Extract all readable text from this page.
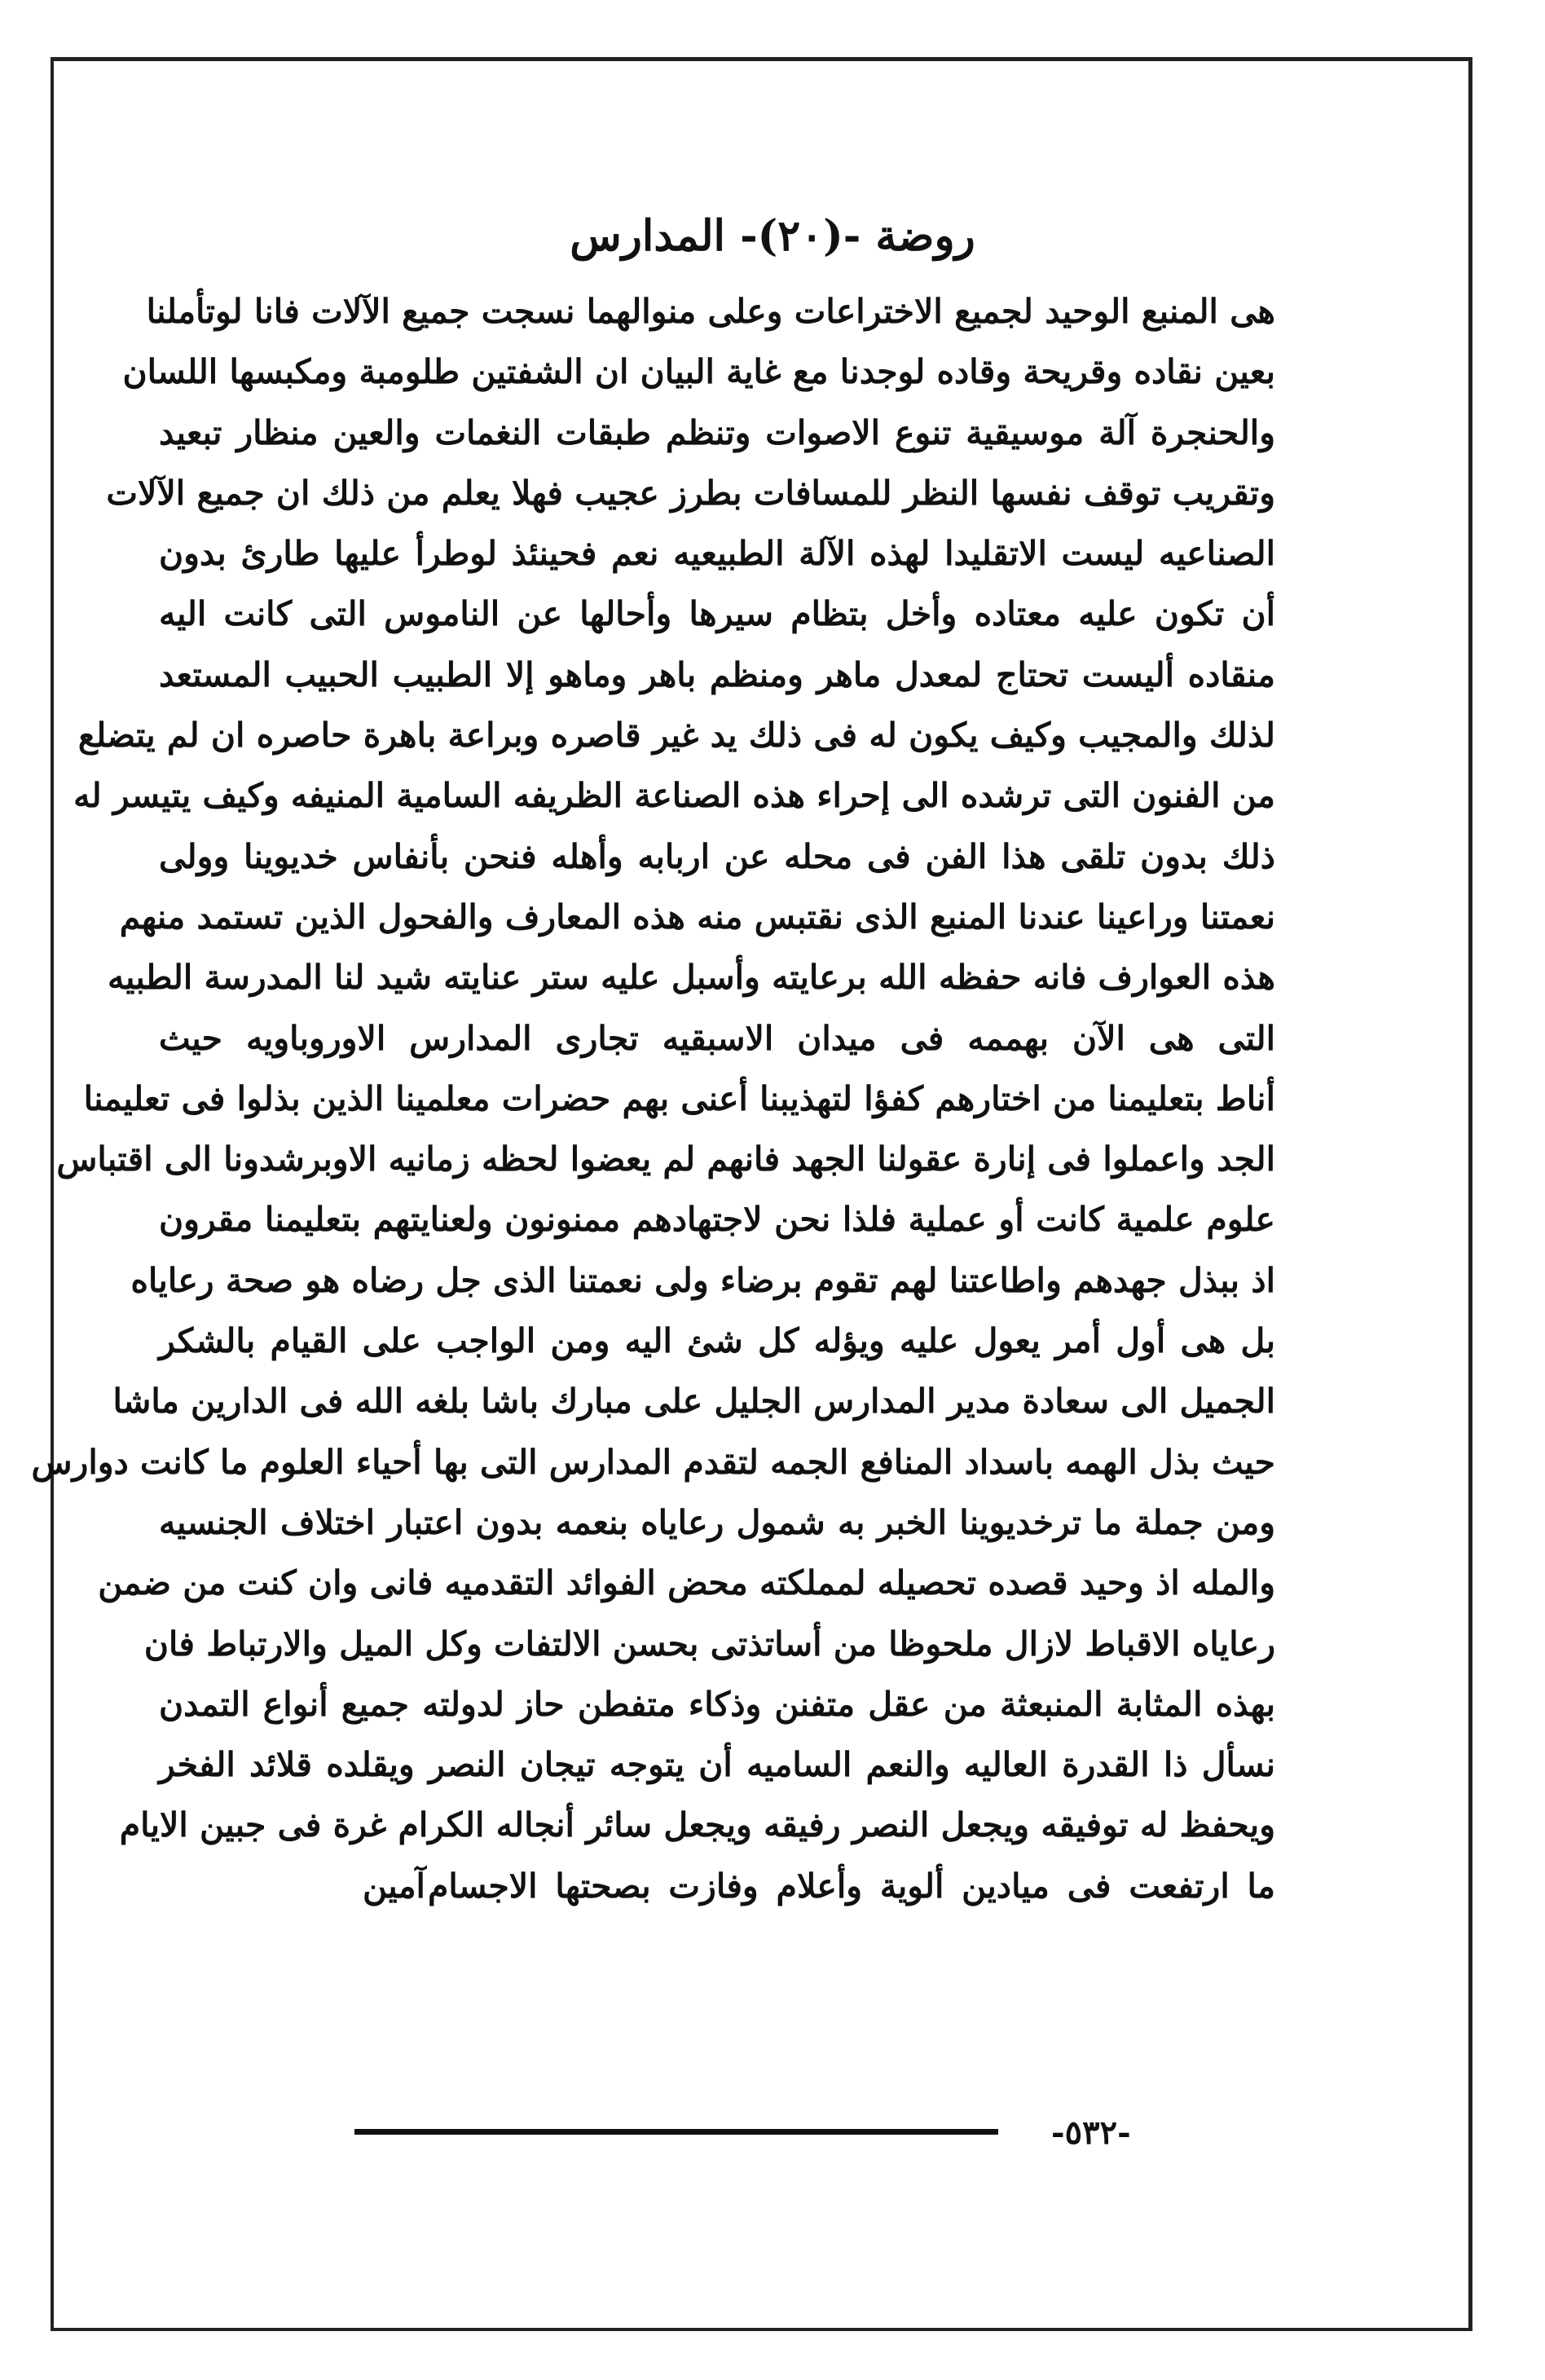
روضة -(٢٠)- المدارس
هى المنبع الوحيد لجميع الاختراعات وعلى منوالهما نسجت جميع الآلات فانا لوتأملنا
بعين نقاده وقريحة وقاده لوجدنا مع غاية البيان ان الشفتين طلومبة ومكبسها اللسان
والحنجرة آلة موسيقية تنوع الاصوات وتنظم طبقات النغمات والعين منظار تبعيد
وتقريب توقف نفسها النظر للمسافات بطرز عجيب فهلا يعلم من ذلك ان جميع الآلات
الصناعيه ليست الاتقليدا لهذه الآلة الطبيعيه نعم فحينئذ لوطرأ عليها طارئ بدون
أن تكون عليه معتاده وأخل بتظام سيرها وأحالها عن الناموس التى كانت اليه
منقاده أليست تحتاج لمعدل ماهر ومنظم باهر وماهو إلا الطبيب الحبيب المستعد
لذلك والمجيب وكيف يكون له فى ذلك يد غير قاصره وبراعة باهرة حاصره ان لم يتضلع
من الفنون التى ترشده الى إحراء هذه الصناعة الظريفه السامية المنيفه وكيف يتيسر له
ذلك بدون تلقى هذا الفن فى محله عن اربابه وأهله فنحن بأنفاس خديوينا وولى
نعمتنا وراعينا عندنا المنبع الذى نقتبس منه هذه المعارف والفحول الذين تستمد منهم
هذه العوارف فانه حفظه الله برعايته وأسبل عليه ستر عنايته شيد لنا المدرسة الطبيه
التى هى الآن بهممه فى ميدان الاسبقيه تجارى المدارس الاوروباويه حيث
أناط بتعليمنا من اختارهم كفؤا لتهذيبنا أعنى بهم حضرات معلمينا الذين بذلوا فى تعليمنا
الجد واعملوا فى إنارة عقولنا الجهد فانهم لم يعضوا لحظه زمانيه الاوبرشدونا الى اقتباس
علوم علمية كانت أو عملية فلذا نحن لاجتهادهم ممنونون ولعنايتهم بتعليمنا مقرون
اذ ببذل جهدهم واطاعتنا لهم تقوم برضاء ولى نعمتنا الذى جل رضاه هو صحة رعاياه
بل هى أول أمر يعول عليه ويؤله كل شئ اليه ومن الواجب على القيام بالشكر
الجميل الى سعادة مدير المدارس الجليل على مبارك باشا بلغه الله فى الدارين ماشا
حيث بذل الهمه باسداد المنافع الجمه لتقدم المدارس التى بها أحياء العلوم ما كانت دوارس
ومن جملة ما ترخديوينا الخبر به شمول رعاياه بنعمه بدون اعتبار اختلاف الجنسيه
والمله اذ وحيد قصده تحصيله لمملكته محض الفوائد التقدميه فانى وان كنت من ضمن
رعاياه الاقباط لازال ملحوظا من أساتذتى بحسن الالتفات وكل الميل والارتباط فان
بهذه المثابة المنبعثة من عقل متفنن وذكاء متفطن حاز لدولته جميع أنواع التمدن
نسأل ذا القدرة العاليه والنعم الساميه أن يتوجه تيجان النصر ويقلده قلائد الفخر
ويحفظ له توفيقه ويجعل النصر رفيقه ويجعل سائر أنجاله الكرام غرة فى جبين الايام
ما ارتفعت فى ميادين ألوية وأعلام وفازت بصحتها الاجسام
آمين
-٥٣٢-
